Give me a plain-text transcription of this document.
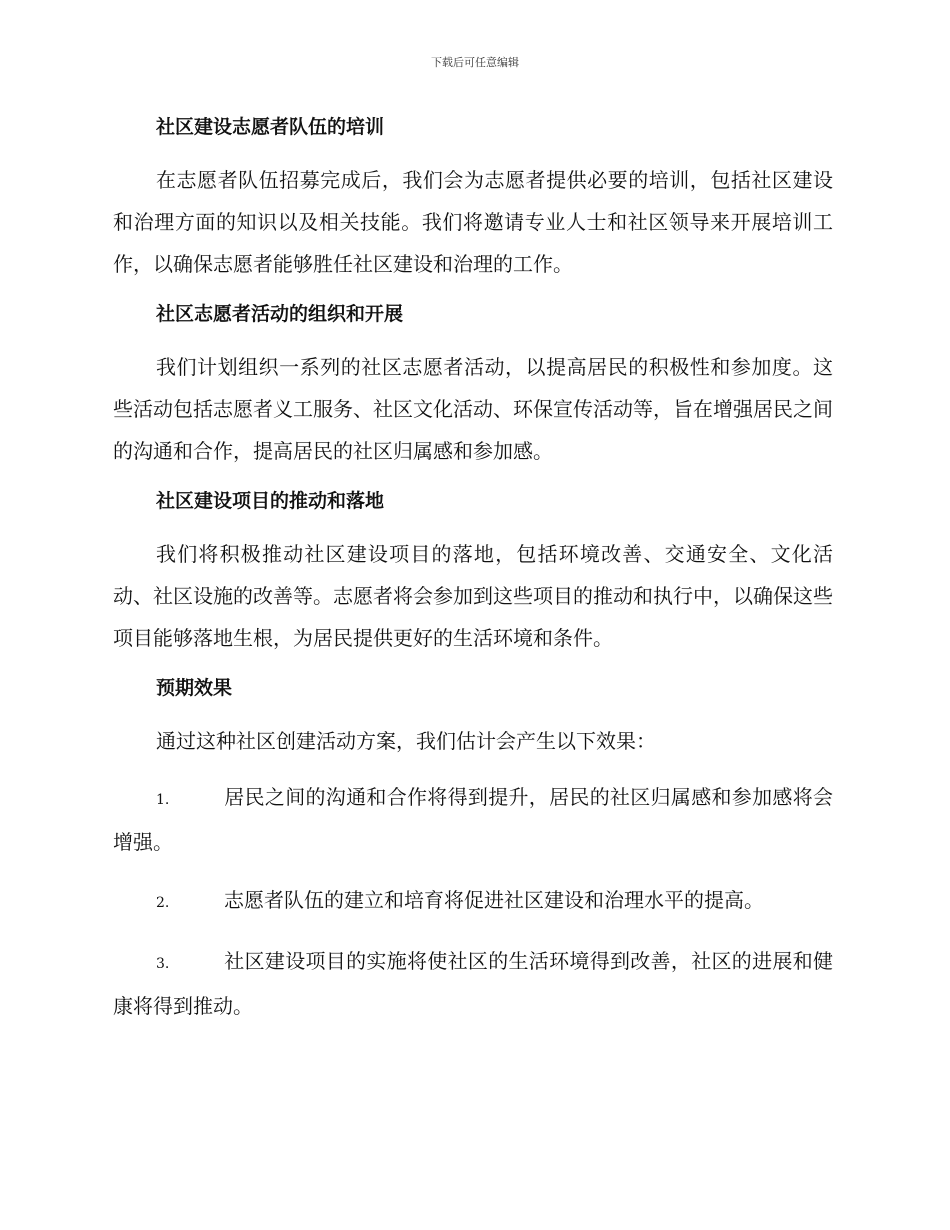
下载后可任意编辑
社区建设志愿者队伍的培训

在志愿者队伍招募完成后，我们会为志愿者提供必要的培训，包括社区建设和治理方面的知识以及相关技能。我们将邀请专业人士和社区领导来开展培训工作，以确保志愿者能够胜任社区建设和治理的工作。

社区志愿者活动的组织和开展

我们计划组织一系列的社区志愿者活动，以提高居民的积极性和参加度。这些活动包括志愿者义工服务、社区文化活动、环保宣传活动等，旨在增强居民之间的沟通和合作，提高居民的社区归属感和参加感。

社区建设项目的推动和落地

我们将积极推动社区建设项目的落地，包括环境改善、交通安全、文化活动、社区设施的改善等。志愿者将会参加到这些项目的推动和执行中，以确保这些项目能够落地生根，为居民提供更好的生活环境和条件。

预期效果

通过这种社区创建活动方案，我们估计会产生以下效果：

1.	居民之间的沟通和合作将得到提升，居民的社区归属感和参加感将会增强。

2.	志愿者队伍的建立和培育将促进社区建设和治理水平的提高。

3.	社区建设项目的实施将使社区的生活环境得到改善，社区的进展和健康将得到推动。
